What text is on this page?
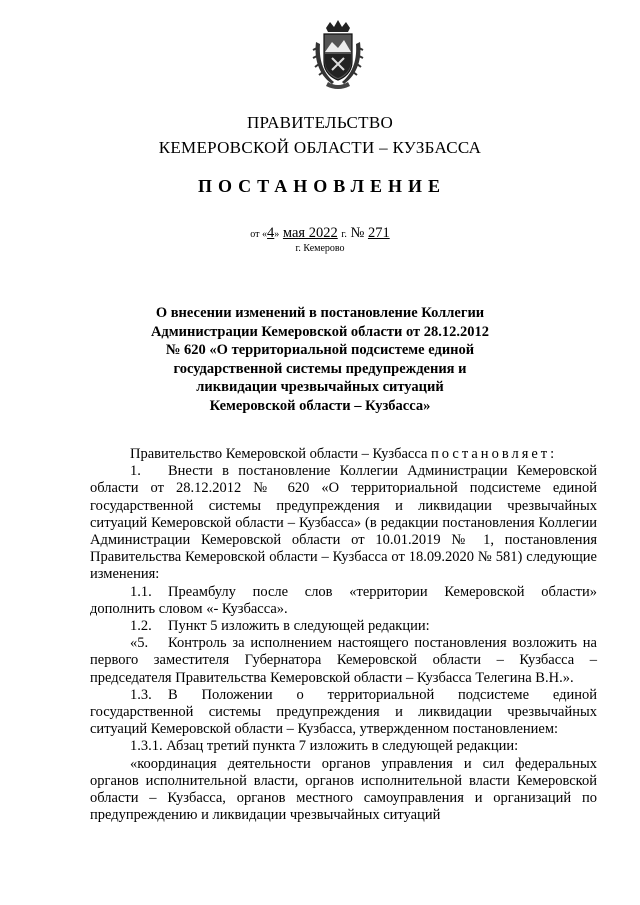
ПРАВИТЕЛЬСТВО
КЕМЕРОВСКОЙ ОБЛАСТИ – КУЗБАССА
ПОСТАНОВЛЕНИЕ
от «4» мая 2022 г. № 271
г. Кемерово
О внесении изменений в постановление Коллегии
Администрации Кемеровской области от 28.12.2012
№ 620 «О территориальной подсистеме единой
государственной системы предупреждения и
ликвидации чрезвычайных ситуаций
Кемеровской области – Кузбасса»

Правительство Кемеровской области – Кузбасса постановляет:

1. Внести в постановление Коллегии Администрации Кемеровской области от 28.12.2012 № 620 «О территориальной подсистеме единой государственной системы предупреждения и ликвидации чрезвычайных ситуаций Кемеровской области – Кузбасса» (в редакции постановления Коллегии Администрации Кемеровской области от 10.01.2019 № 1, постановления Правительства Кемеровской области – Кузбасса от 18.09.2020 № 581) следующие изменения:

1.1. Преамбулу после слов «территории Кемеровской области» дополнить словом «- Кузбасса».

1.2. Пункт 5 изложить в следующей редакции:

«5. Контроль за исполнением настоящего постановления возложить на первого заместителя Губернатора Кемеровской области – Кузбасса – председателя Правительства Кемеровской области – Кузбасса Телегина В.Н.».

1.3. В Положении о территориальной подсистеме единой государственной системы предупреждения и ликвидации чрезвычайных ситуаций Кемеровской области – Кузбасса, утвержденном постановлением:

1.3.1. Абзац третий пункта 7 изложить в следующей редакции:

«координация деятельности органов управления и сил федеральных органов исполнительной власти, органов исполнительной власти Кемеровской области – Кузбасса, органов местного самоуправления и организаций по предупреждению и ликвидации чрезвычайных ситуаций
